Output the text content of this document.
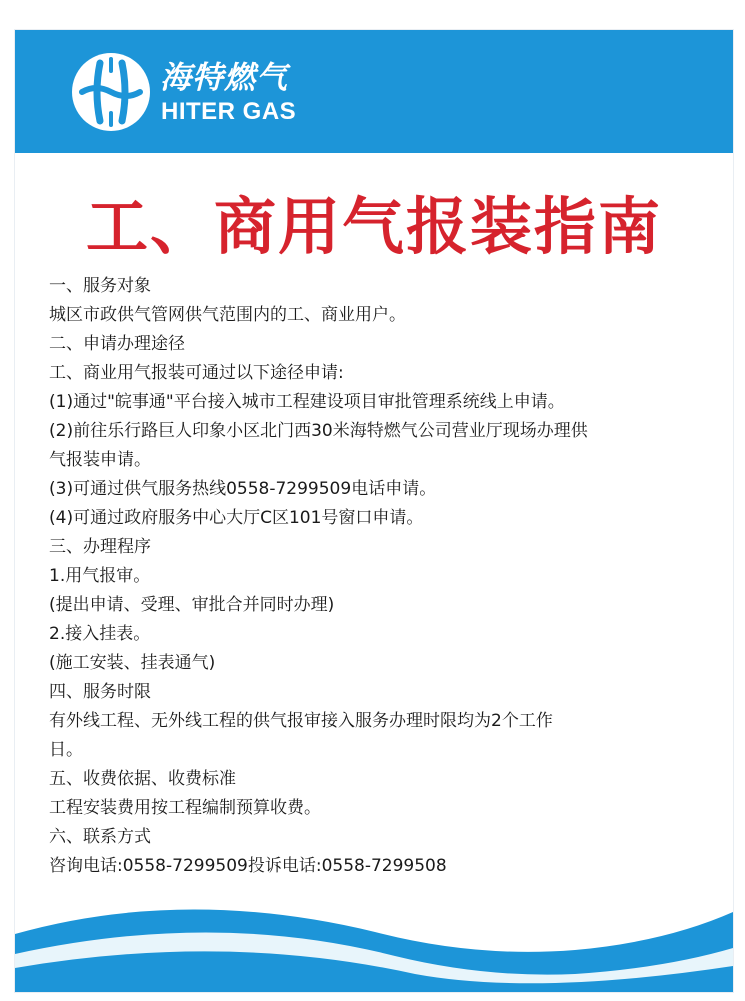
海特燃气
HITER GAS
工、商用气报装指南
一、服务对象
城区市政供气管网供气范围内的工、商业用户。
二、申请办理途径
工、商业用气报装可通过以下途径申请:
(1)通过"皖事通"平台接入城市工程建设项目审批管理系统线上申请。
(2)前往乐行路巨人印象小区北门西30米海特燃气公司营业厅现场办理供
气报装申请。
(3)可通过供气服务热线0558-7299509电话申请。
(4)可通过政府服务中心大厅C区101号窗口申请。
三、办理程序
1.用气报审。
(提出申请、受理、审批合并同时办理)
2.接入挂表。
(施工安装、挂表通气)
四、服务时限
有外线工程、无外线工程的供气报审接入服务办理时限均为2个工作
日。
五、收费依据、收费标准
工程安装费用按工程编制预算收费。
六、联系方式
咨询电话:0558-7299509投诉电话:0558-7299508
